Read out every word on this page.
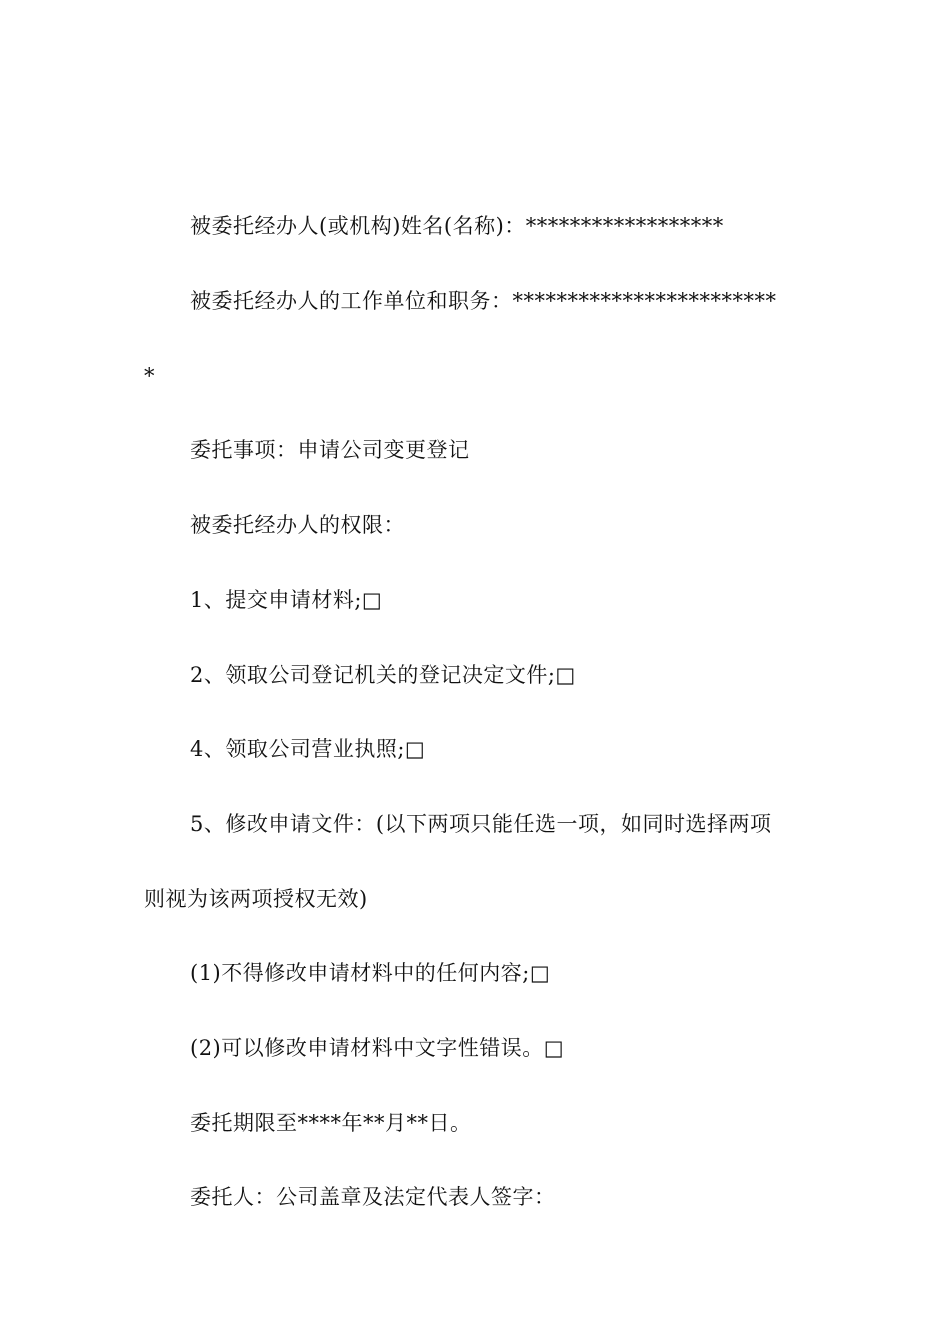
被委托经办人(或机构)姓名(名称)：******************
被委托经办人的工作单位和职务：************************
*
委托事项：申请公司变更登记
被委托经办人的权限：
1、提交申请材料;□
2、领取公司登记机关的登记决定文件;□
4、领取公司营业执照;□
5、修改申请文件：(以下两项只能任选一项，如同时选择两项
则视为该两项授权无效)
(1)不得修改申请材料中的任何内容;□
(2)可以修改申请材料中文字性错误。□
委托期限至****年**月**日。
委托人：公司盖章及法定代表人签字：
